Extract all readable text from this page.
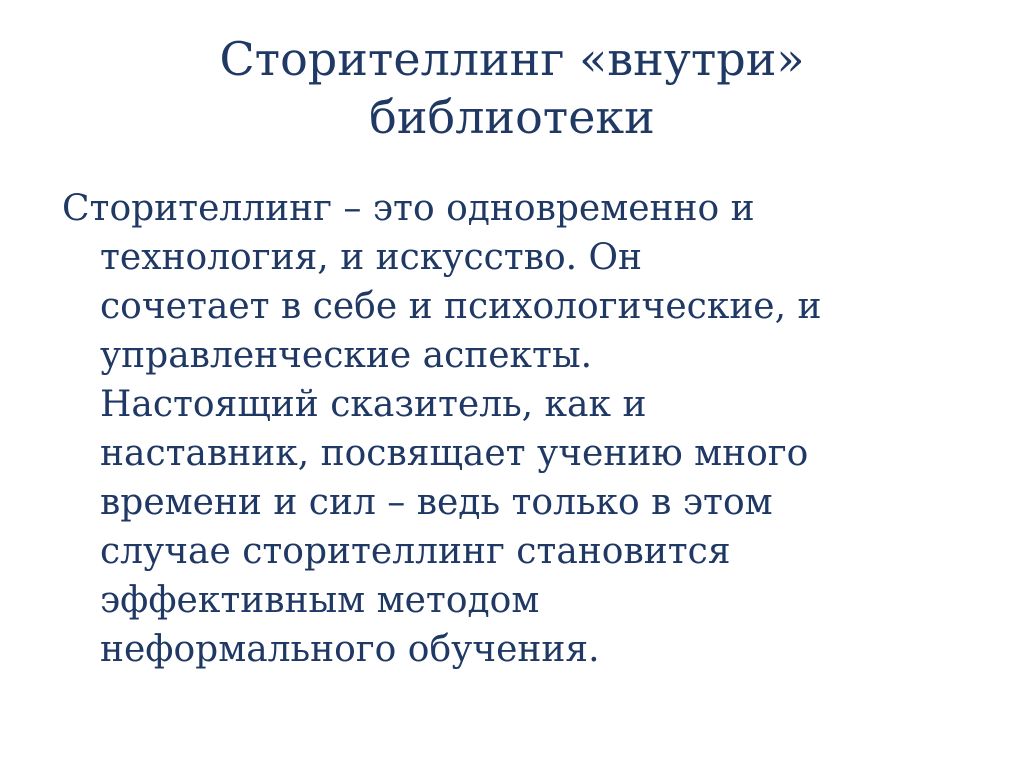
Сторителлинг «внутри»
библиотеки
Сторителлинг – это одновременно и
технология, и искусство. Он
сочетает в себе и психологические, и
управленческие аспекты.
Настоящий сказитель, как и
наставник, посвящает учению много
времени и сил – ведь только в этом
случае сторителлинг становится
эффективным методом
неформального обучения.
